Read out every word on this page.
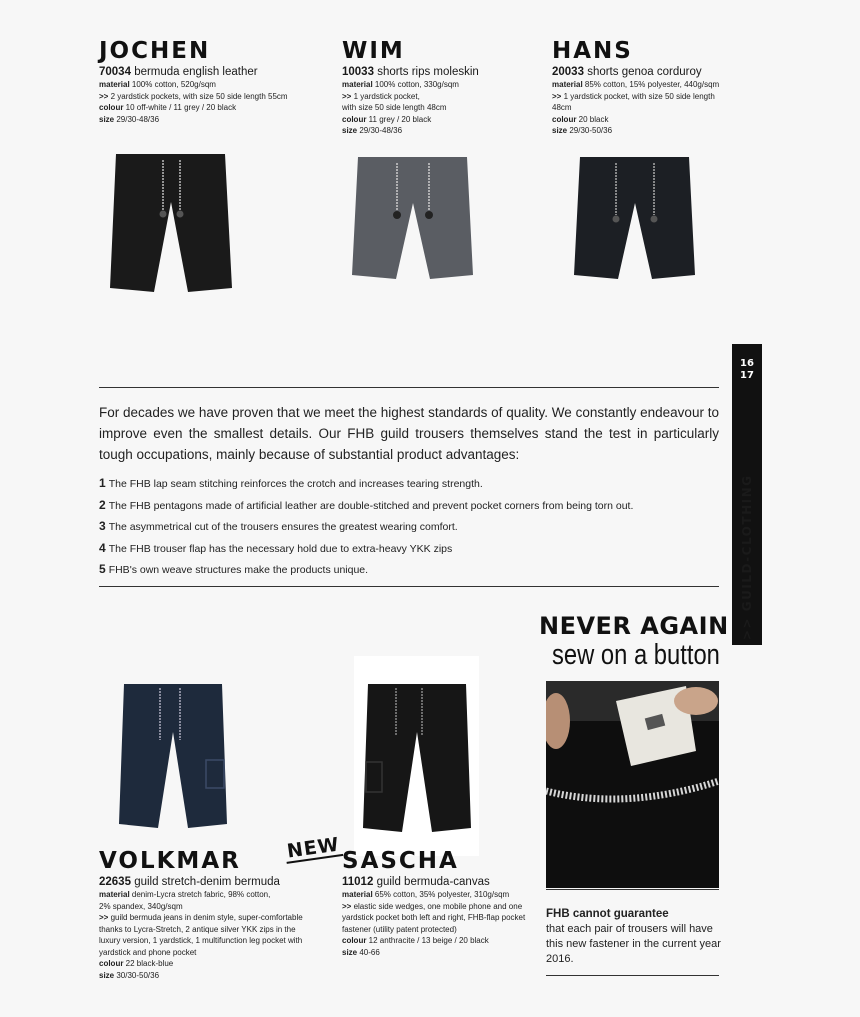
JOCHEN
70034 bermuda english leather
material 100% cotton, 520g/sqm
>> 2 yardstick pockets, with size 50 side length 55cm
colour 10 off-white / 11 grey / 20 black
size 29/30-48/36
WIM
10033 shorts rips moleskin
material 100% cotton, 330g/sqm
>> 1 yardstick pocket,
with size 50 side length 48cm
colour 11 grey / 20 black
size 29/30-48/36
HANS
20033 shorts genoa corduroy
material 85% cotton, 15% polyester, 440g/sqm
>> 1 yardstick pocket, with size 50 side length 48cm
colour 20 black
size 29/30-50/36
16
17
>> GUILD-CLOTHING
For decades we have proven that we meet the highest standards of quality. We constantly endeavour to improve even the smallest details. Our FHB guild trousers themselves stand the test in particularly tough occupations, mainly because of substantial product advantages:
1 The FHB lap seam stitching reinforces the crotch and increases tearing strength.
2 The FHB pentagons made of artificial leather are double-stitched and prevent pocket corners from being torn out.
3 The asymmetrical cut of the trousers ensures the greatest wearing comfort.
4 The FHB trouser flap has the necessary hold due to extra-heavy YKK zips
5 FHB's own weave structures make the products unique.
NEVER AGAIN
sew on a button
FHB cannot guarantee
that each pair of trousers will have this new fastener in the current year 2016.
NEW
VOLKMAR
22635 guild stretch-denim bermuda
material denim-Lycra stretch fabric, 98% cotton,
2% spandex, 340g/sqm
>> guild bermuda jeans in denim style, super-comfortable
thanks to Lycra-Stretch, 2 antique silver YKK zips in the
luxury version, 1 yardstick, 1 multifunction leg pocket with
yardstick and phone pocket
colour 22 black-blue
size 30/30-50/36
SASCHA
11012 guild bermuda-canvas
material 65% cotton, 35% polyester, 310g/sqm
>> elastic side wedges, one mobile phone and one
yardstick pocket both left and right, FHB-flap pocket
fastener (utility patent protected)
colour 12 anthracite / 13 beige / 20 black
size 40-66
